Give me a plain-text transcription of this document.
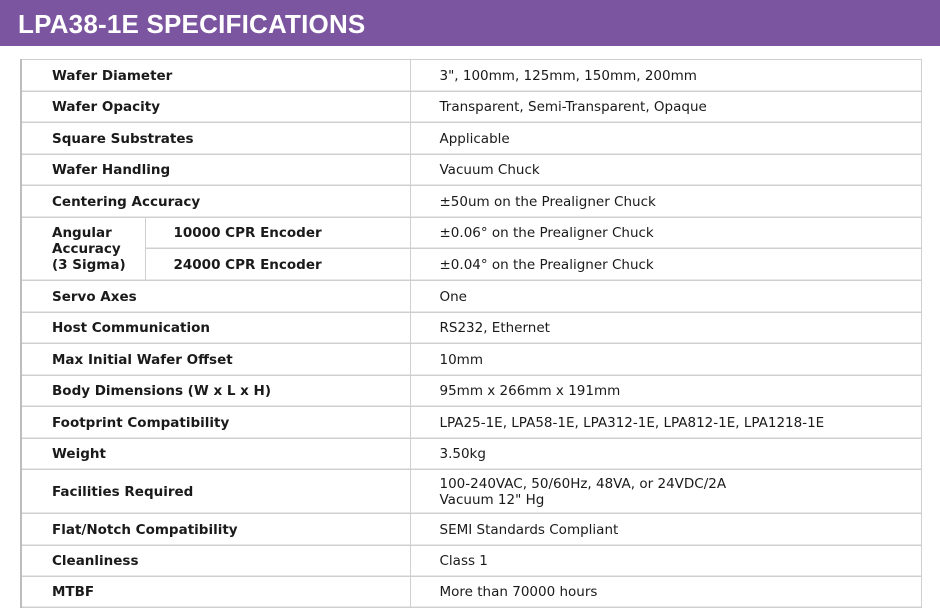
LPA38-1E SPECIFICATIONS
Wafer Diameter		3", 100mm, 125mm, 150mm, 200mm
Wafer Opacity		Transparent, Semi-Transparent, Opaque
Square Substrates		Applicable
Wafer Handling		Vacuum Chuck
Centering Accuracy		±50um on the Prealigner Chuck

Angular
Accuracy
(3 Sigma)	10000 CPR Encoder	±0.06° on the Prealigner Chuck
	24000 CPR Encoder	±0.04° on the Prealigner Chuck
Servo Axes		One
Host Communication		RS232, Ethernet
Max Initial Wafer Offset		10mm
Body Dimensions (W x L x H)		95mm x 266mm x 191mm
Footprint Compatibility		LPA25-1E, LPA58-1E, LPA312-1E, LPA812-1E, LPA1218-1E
Weight		3.50kg
Facilities Required		100-240VAC, 50/60Hz, 48VA, or 24VDC/2A
Vacuum 12" Hg

Flat/Notch Compatibility		SEMI Standards Compliant
Cleanliness		Class 1
MTBF		More than 70000 hours
